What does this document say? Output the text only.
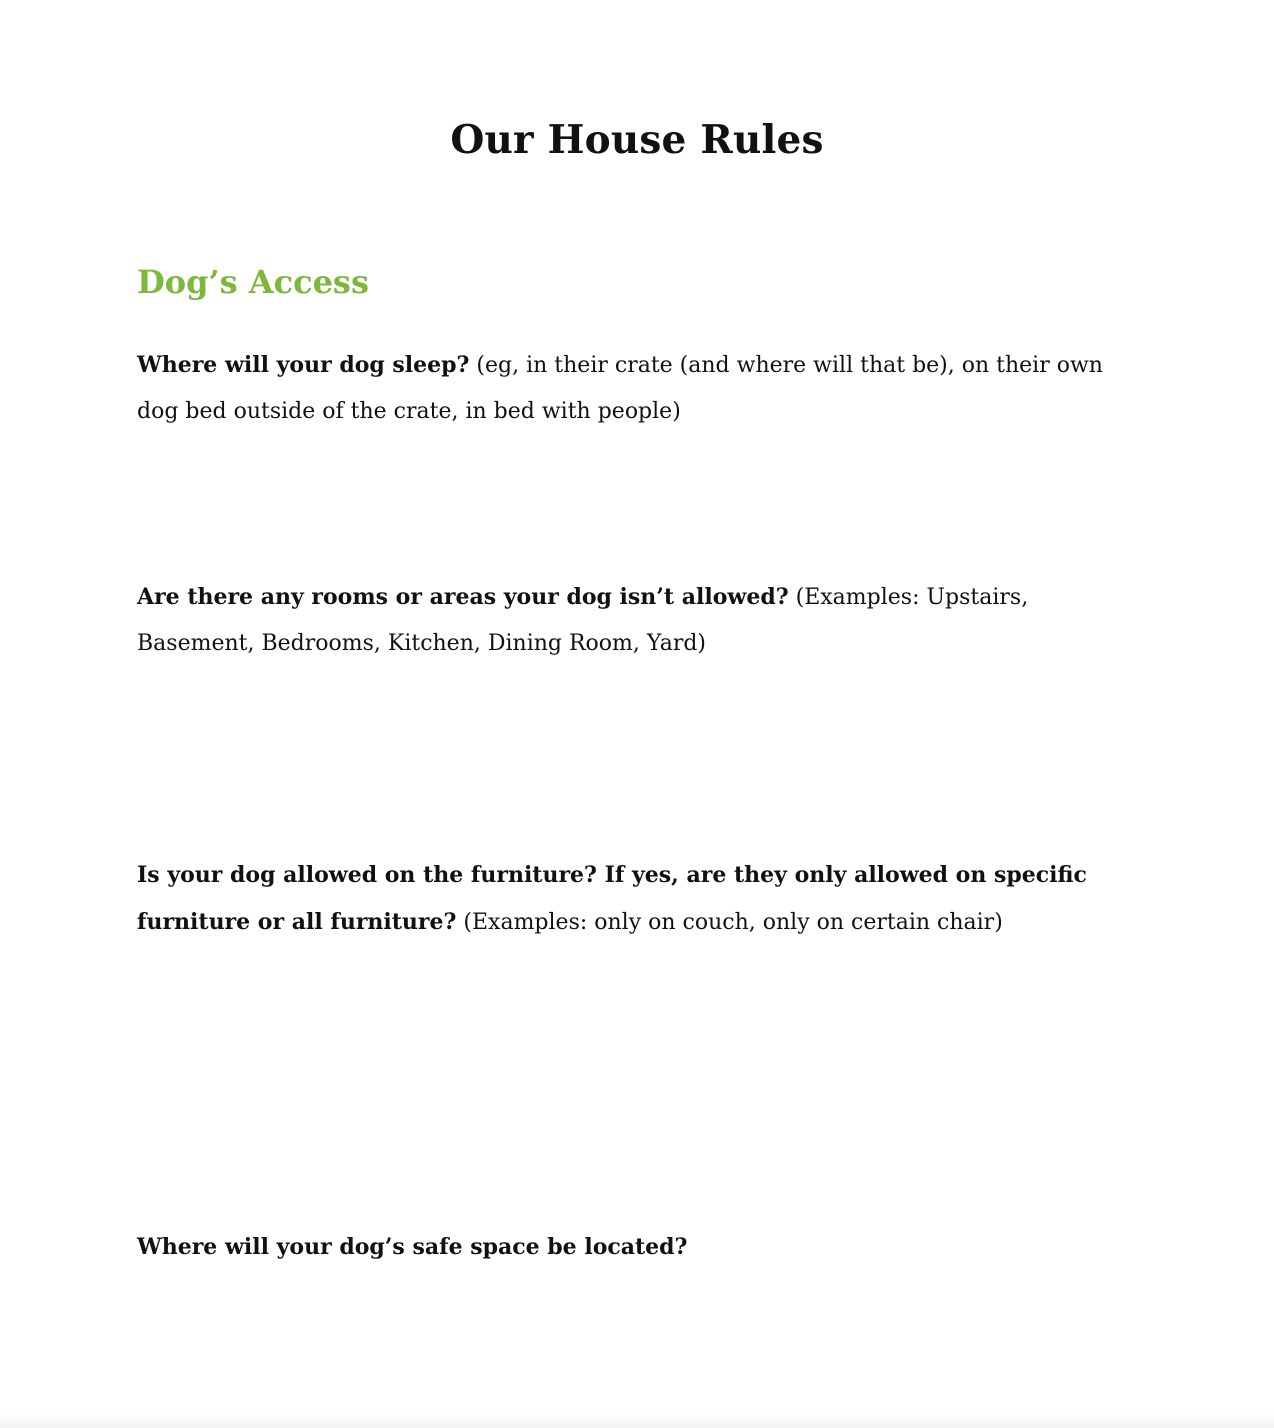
Our House Rules
Dog’s Access

Where will your dog sleep? (eg, in their crate (and where will that be), on their own dog bed outside of the crate, in bed with people)

Are there any rooms or areas your dog isn’t allowed? (Examples: Upstairs, Basement, Bedrooms, Kitchen, Dining Room, Yard)

Is your dog allowed on the furniture? If yes, are they only allowed on specific furniture or all furniture? (Examples: only on couch, only on certain chair)

Where will your dog’s safe space be located?
